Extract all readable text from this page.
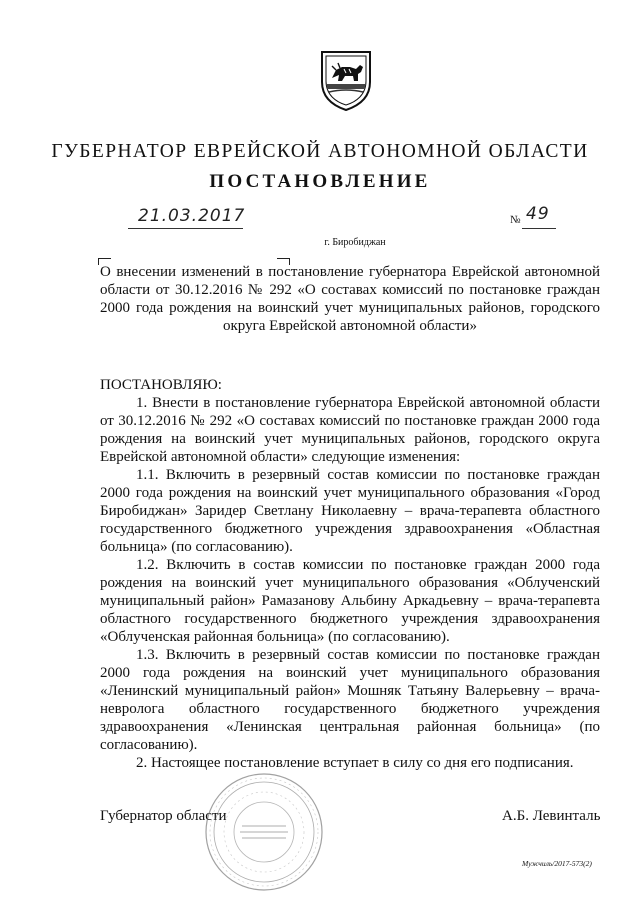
ГУБЕРНАТОР ЕВРЕЙСКОЙ АВТОНОМНОЙ ОБЛАСТИ
ПОСТАНОВЛЕНИЕ
21.03.2017	№ 49
г. Биробиджан

О внесении изменений в постановление губернатора Еврейской автономной области от 30.12.2016 № 292 «О составах комиссий по постановке граждан 2000 года рождения на воинский учет муниципальных районов, городского округа Еврейской автономной области»

ПОСТАНОВЛЯЮ:

1. Внести в постановление губернатора Еврейской автономной области от 30.12.2016 № 292 «О составах комиссий по постановке граждан 2000 года рождения на воинский учет муниципальных районов, городского округа Еврейской автономной области» следующие изменения:

1.1. Включить в резервный состав комиссии по постановке граждан 2000 года рождения на воинский учет муниципального образования «Город Биробиджан» Заридер Светлану Николаевну – врача-терапевта областного государственного бюджетного учреждения здравоохранения «Областная больница» (по согласованию).

1.2. Включить в состав комиссии по постановке граждан 2000 года рождения на воинский учет муниципального образования «Облученский муниципальный район» Рамазанову Альбину Аркадьевну – врача-терапевта областного государственного бюджетного учреждения здравоохранения «Облученская районная больница» (по согласованию).

1.3. Включить в резервный состав комиссии по постановке граждан 2000 года рождения на воинский учет муниципального образования «Ленинский муниципальный район» Мошняк Татьяну Валерьевну – врача-невролога областного государственного бюджетного учреждения здравоохранения «Ленинская центральная районная больница» (по согласованию).

2. Настоящее постановление вступает в силу со дня его подписания.

Губернатор области	А.Б. Левинталь
Мужчиль/2017-573(2)
